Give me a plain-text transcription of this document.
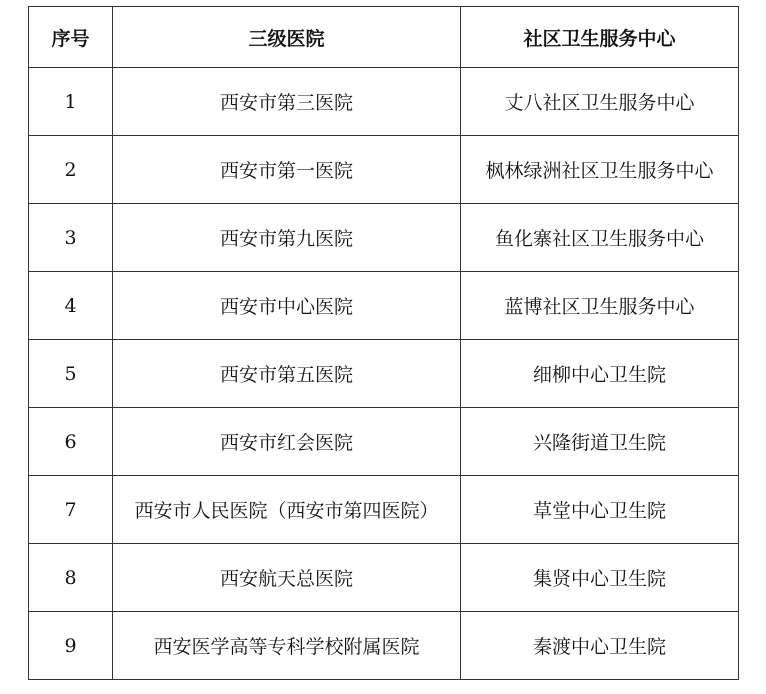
序号	三级医院	社区卫生服务中心
1	西安市第三医院	丈八社区卫生服务中心
2	西安市第一医院	枫林绿洲社区卫生服务中心
3	西安市第九医院	鱼化寨社区卫生服务中心
4	西安市中心医院	蓝博社区卫生服务中心
5	西安市第五医院	细柳中心卫生院
6	西安市红会医院	兴隆街道卫生院
7	西安市人民医院（西安市第四医院）	草堂中心卫生院
8	西安航天总医院	集贤中心卫生院
9	西安医学高等专科学校附属医院	秦渡中心卫生院
